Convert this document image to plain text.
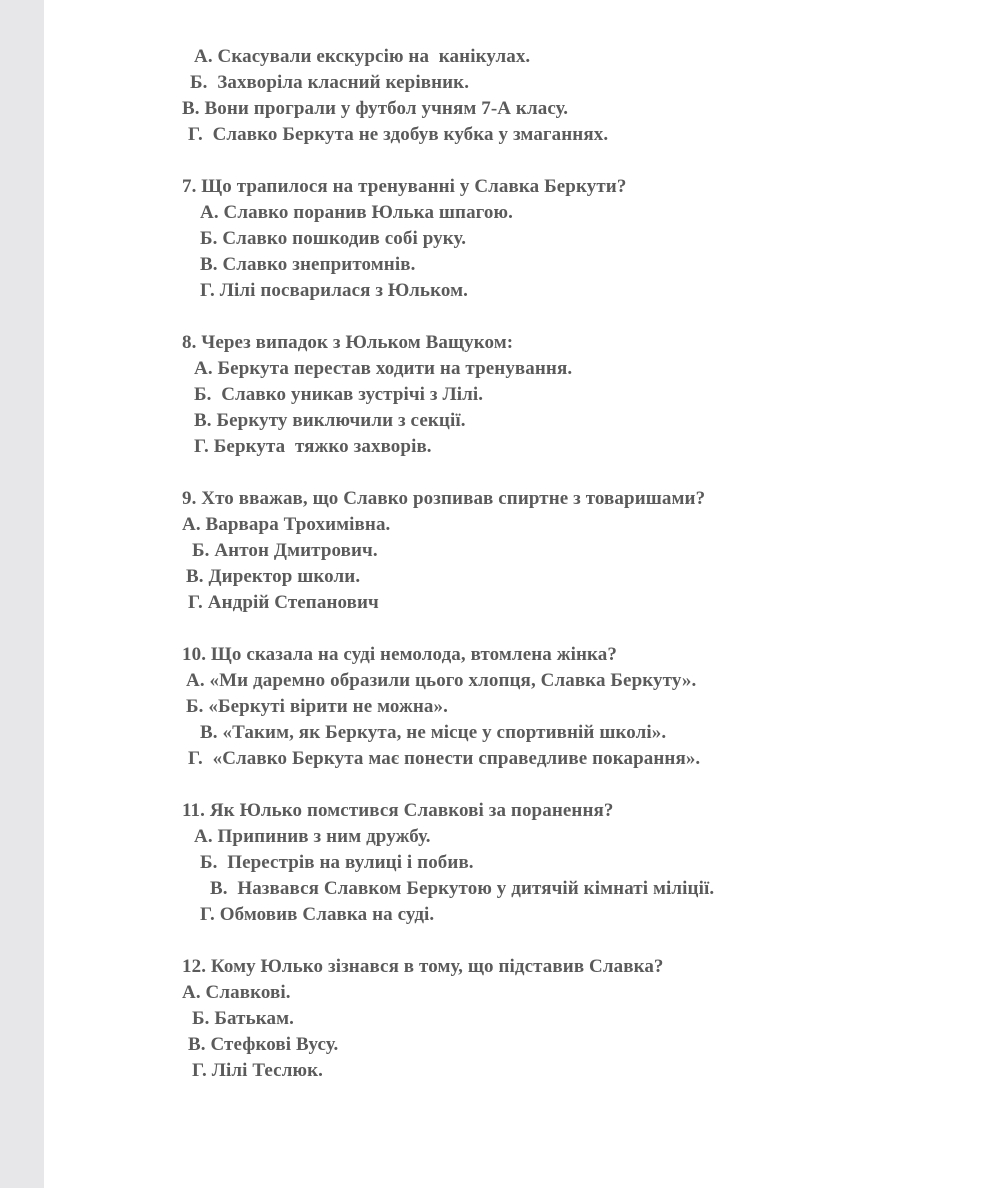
А. Скасували екскурсію на  канікулах.
Б.  Захворіла класний керівник.
В. Вони програли у футбол учням 7-А класу.
Г.  Славко Беркута не здобув кубка у змаганнях.
7. Що трапилося на тренуванні у Славка Беркути?
А. Славко поранив Юлька шпагою.
Б. Славко пошкодив собі руку.
В. Славко знепритомнів.
Г. Лілі посварилася з Юльком.
8. Через випадок з Юльком Ващуком:
А. Беркута перестав ходити на тренування.
Б.  Славко уникав зустрічі з Лілі.
В. Беркуту виключили з секції.
Г. Беркута  тяжко захворів.
9. Хто вважав, що Славко розпивав спиртне з товаришами?
А. Варвара Трохимівна.
Б. Антон Дмитрович.
В. Директор школи.
Г. Андрій Степанович
10. Що сказала на суді немолода, втомлена жінка?
А. «Ми даремно образили цього хлопця, Славка Беркуту».
Б. «Беркуті вірити не можна».
В. «Таким, як Беркута, не місце у спортивній школі».
Г.  «Славко Беркута має понести справедливе покарання».
11. Як Юлько помстився Славкові за поранення?
А. Припинив з ним дружбу.
Б.  Перестрів на вулиці і побив.
В.  Назвався Славком Беркутою у дитячій кімнаті міліції.
Г. Обмовив Славка на суді.
12. Кому Юлько зізнався в тому, що підставив Славка?
А. Славкові.
Б. Батькам.
В. Стефкові Вусу.
Г. Лілі Теслюк.
